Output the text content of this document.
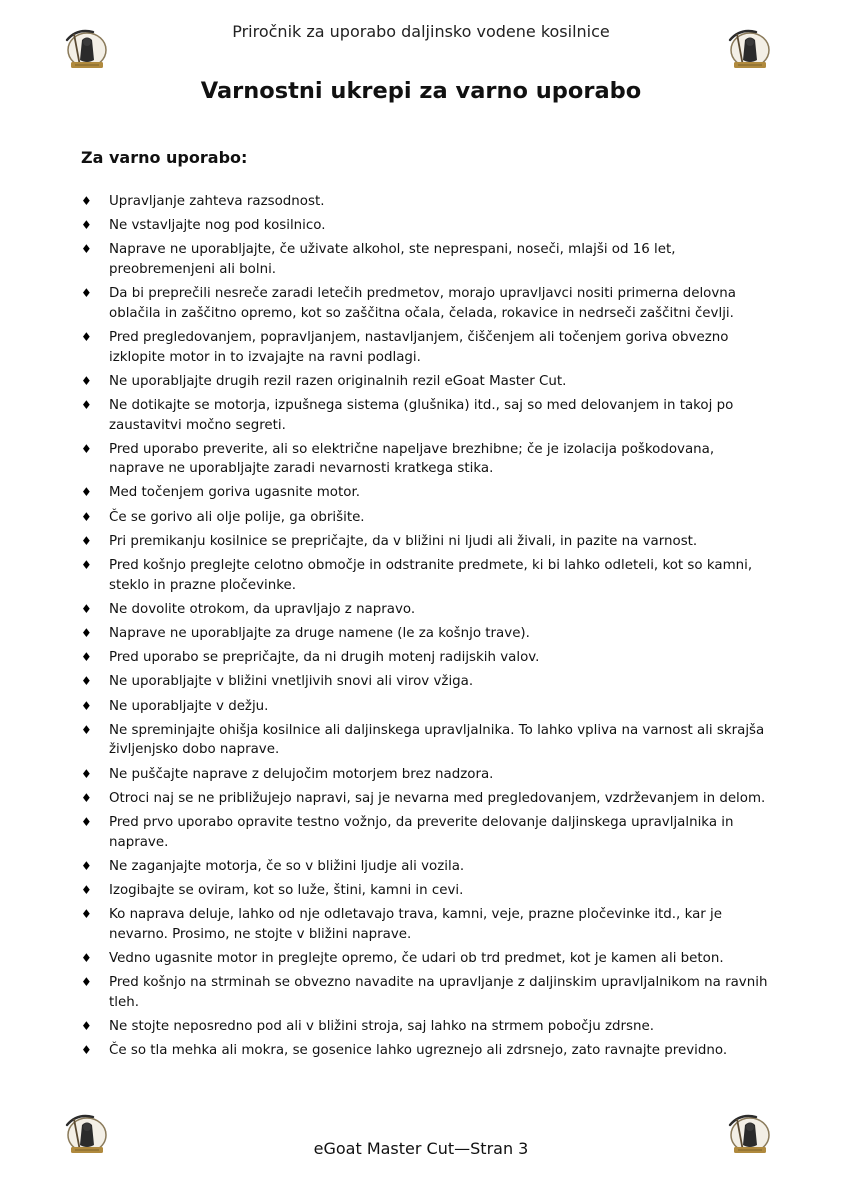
Priročnik za uporabo daljinsko vodene kosilnice
Varnostni ukrepi za varno uporabo
Za varno uporabo:
♦	Upravljanje zahteva razsodnost.
♦	Ne vstavljajte nog pod kosilnico.
♦	Naprave ne uporabljajte, če uživate alkohol, ste neprespani, noseči, mlajši od 16 let, preobremenjeni ali bolni.
♦	Da bi preprečili nesreče zaradi letečih predmetov, morajo upravljavci nositi primerna delovna oblačila in zaščitno opremo, kot so zaščitna očala, čelada, rokavice in nedrseči zaščitni čevlji.
♦	Pred pregledovanjem, popravljanjem, nastavljanjem, čiščenjem ali točenjem goriva obvezno izklopite motor in to izvajajte na ravni podlagi.
♦	Ne uporabljajte drugih rezil razen originalnih rezil eGoat Master Cut.
♦	Ne dotikajte se motorja, izpušnega sistema (glušnika) itd., saj so med delovanjem in takoj po zaustavitvi močno segreti.
♦	Pred uporabo preverite, ali so električne napeljave brezhibne; če je izolacija poškodovana, naprave ne uporabljajte zaradi nevarnosti kratkega stika.
♦	Med točenjem goriva ugasnite motor.
♦	Če se gorivo ali olje polije, ga obrišite.
♦	Pri premikanju kosilnice se prepričajte, da v bližini ni ljudi ali živali, in pazite na varnost.
♦	Pred košnjo preglejte celotno območje in odstranite predmete, ki bi lahko odleteli, kot so kamni, steklo in prazne pločevinke.
♦	Ne dovolite otrokom, da upravljajo z napravo.
♦	Naprave ne uporabljajte za druge namene (le za košnjo trave).
♦	Pred uporabo se prepričajte, da ni drugih motenj radijskih valov.
♦	Ne uporabljajte v bližini vnetljivih snovi ali virov vžiga.
♦	Ne uporabljajte v dežju.
♦	Ne spreminjajte ohišja kosilnice ali daljinskega upravljalnika. To lahko vpliva na varnost ali skrajša življenjsko dobo naprave.
♦	Ne puščajte naprave z delujočim motorjem brez nadzora.
♦	Otroci naj se ne približujejo napravi, saj je nevarna med pregledovanjem, vzdrževanjem in delom.
♦	Pred prvo uporabo opravite testno vožnjo, da preverite delovanje daljinskega upravljalnika in naprave.
♦	Ne zaganjajte motorja, če so v bližini ljudje ali vozila.
♦	Izogibajte se oviram, kot so luže, štini, kamni in cevi.
♦	Ko naprava deluje, lahko od nje odletavajo trava, kamni, veje, prazne pločevinke itd., kar je nevarno. Prosimo, ne stojte v bližini naprave.
♦	Vedno ugasnite motor in preglejte opremo, če udari ob trd predmet, kot je kamen ali beton.
♦	Pred košnjo na strminah se obvezno navadite na upravljanje z daljinskim upravljalnikom na ravnih tleh.
♦	Ne stojte neposredno pod ali v bližini stroja, saj lahko na strmem pobočju zdrsne.
♦	Če so tla mehka ali mokra, se gosenice lahko ugreznejo ali zdrsnejo, zato ravnajte previdno.
eGoat Master Cut—Stran 3
